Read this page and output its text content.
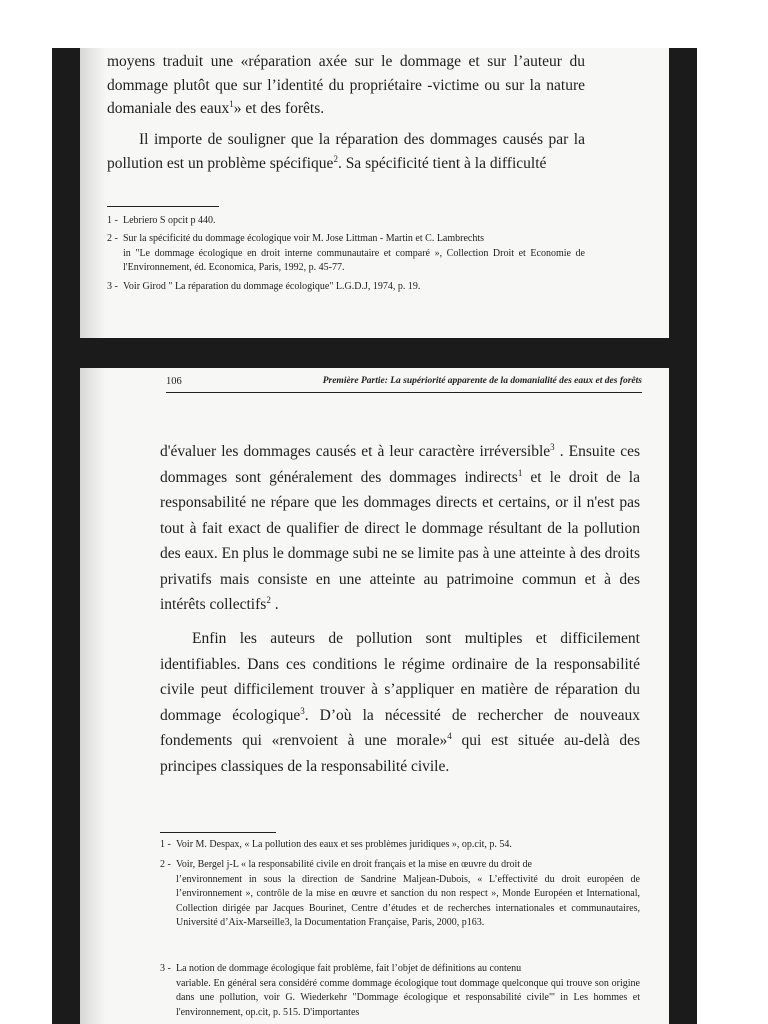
moyens traduit une «réparation axée sur le dommage et sur l’auteur du dommage plutôt que sur l’identité du propriétaire -victime ou sur la nature domaniale des eaux$^1$» et des forêts.

Il importe de souligner que la réparation des dommages causés par la pollution est un problème spécifique$^2$. Sa spécificité tient à la difficulté

1 - Lebriero S opcit p 440.

2 - Sur la spécificité du dommage écologique voir M. Jose Littman - Martin et C. Lambrechts

in "Le dommage écologique en droit interne communautaire et comparé », Collection Droit et Economie de l'Environnement, éd. Economica, Paris, 1992, p. 45-77.

3 - Voir Girod " La réparation du dommage écologique" L.G.D.J, 1974, p. 19.

106	Première Partie: La supériorité apparente de la domanialité des eaux et des forêts

d'évaluer les dommages causés et à leur caractère irréversible$^3$ . Ensuite ces dommages sont généralement des dommages indirects$^1$ et le droit de la responsabilité ne répare que les dommages directs et certains, or il n'est pas tout à fait exact de qualifier de direct le dommage résultant de la pollution des eaux. En plus le dommage subi ne se limite pas à une atteinte à des droits privatifs mais consiste en une atteinte au patrimoine commun et à des intérêts collectifs$^2$ .

Enfin les auteurs de pollution sont multiples et difficilement identifiables. Dans ces conditions le régime ordinaire de la responsabilité civile peut difficilement trouver à s’appliquer en matière de réparation du dommage écologique$^3$. D’où la nécessité de rechercher de nouveaux fondements qui «renvoient à une morale»$^4$ qui est située au-delà des principes classiques de la responsabilité civile.

1 - Voir M. Despax, « La pollution des eaux et ses problèmes juridiques », op.cit, p. 54.

2 - Voir, Bergel j-L « la responsabilité civile en droit français et la mise en œuvre du droit de

l’environnement in sous la direction de Sandrine Maljean-Dubois, « L’effectivité du droit européen de l’environnement », contrôle de la mise en œuvre et sanction du non respect », Monde Européen et International, Collection dirigée par Jacques Bourinet, Centre d’études et de recherches internationales et communautaires, Université d’Aix-Marseille3, la Documentation Française, Paris, 2000, p163.

3 - La notion de dommage écologique fait problème, fait l’objet de définitions au contenu

variable. En général sera considéré comme dommage écologique tout dommage quelconque qui trouve son origine dans une pollution, voir G. Wiederkehr "Dommage écologique et responsabilité civile"' in Les hommes et l'environnement, op.cit, p. 515. D'importantes
